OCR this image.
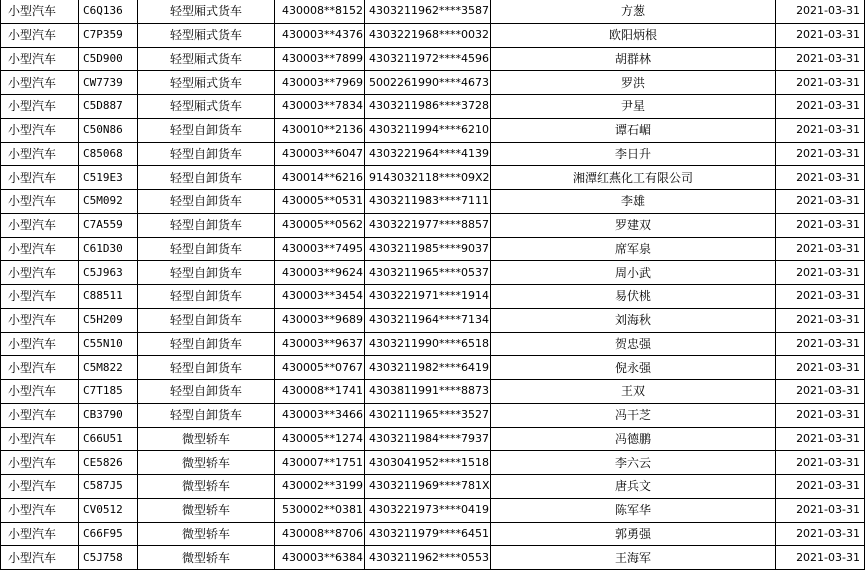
小型汽车	C6Q136	轻型厢式货车	430008**8152	4303211962****3587	方葱	2021-03-31
小型汽车	C7P359	轻型厢式货车	430003**4376	4303221968****0032	欧阳炳根	2021-03-31
小型汽车	C5D900	轻型厢式货车	430003**7899	4303211972****4596	胡群林	2021-03-31
小型汽车	CW7739	轻型厢式货车	430003**7969	5002261990****4673	罗洪	2021-03-31
小型汽车	C5D887	轻型厢式货车	430003**7834	4303211986****3728	尹星	2021-03-31
小型汽车	C50N86	轻型自卸货车	430010**2136	4303211994****6210	谭石嵋	2021-03-31
小型汽车	C85068	轻型自卸货车	430003**6047	4303221964****4139	李日升	2021-03-31
小型汽车	C519E3	轻型自卸货车	430014**6216	9143032118****09X2	湘潭红燕化工有限公司	2021-03-31
小型汽车	C5M092	轻型自卸货车	430005**0531	4303211983****7111	李雄	2021-03-31
小型汽车	C7A559	轻型自卸货车	430005**0562	4303221977****8857	罗建双	2021-03-31
小型汽车	C61D30	轻型自卸货车	430003**7495	4303211985****9037	席军泉	2021-03-31
小型汽车	C5J963	轻型自卸货车	430003**9624	4303211965****0537	周小武	2021-03-31
小型汽车	C88511	轻型自卸货车	430003**3454	4303221971****1914	易伏桃	2021-03-31
小型汽车	C5H209	轻型自卸货车	430003**9689	4303211964****7134	刘海秋	2021-03-31
小型汽车	C55N10	轻型自卸货车	430003**9637	4303211990****6518	贺忠强	2021-03-31
小型汽车	C5M822	轻型自卸货车	430005**0767	4303211982****6419	倪永强	2021-03-31
小型汽车	C7T185	轻型自卸货车	430008**1741	4303811991****8873	王双	2021-03-31
小型汽车	CB3790	轻型自卸货车	430003**3466	4302111965****3527	冯干芝	2021-03-31
小型汽车	C66U51	微型轿车	430005**1274	4303211984****7937	冯德鹏	2021-03-31
小型汽车	CE5826	微型轿车	430007**1751	4303041952****1518	李六云	2021-03-31
小型汽车	C587J5	微型轿车	430002**3199	4303211969****781X	唐兵文	2021-03-31
小型汽车	CV0512	微型轿车	530002**0381	4303221973****0419	陈军华	2021-03-31
小型汽车	C66F95	微型轿车	430008**8706	4303211979****6451	郭勇强	2021-03-31
小型汽车	C5J758	微型轿车	430003**6384	4303211962****0553	王海军	2021-03-31
